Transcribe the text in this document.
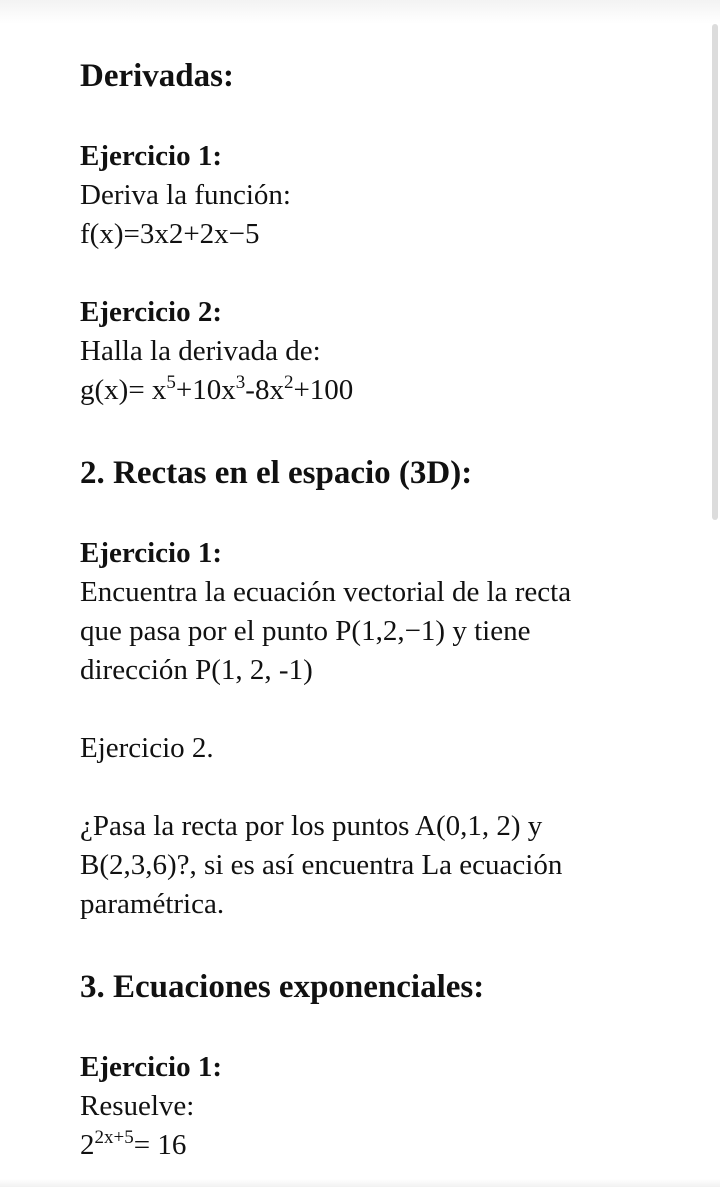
Derivadas:
Ejercicio 1:
Deriva la función:
f(x)=3x2+2x−5
Ejercicio 2:
Halla la derivada de:
$g(x)= x^5+10x^3-8x^2+100$
2. Rectas en el espacio (3D):
Ejercicio 1:
Encuentra la ecuación vectorial de la recta
que pasa por el punto P(1,2,−1) y tiene
dirección P(1, 2, -1)
Ejercicio 2.
¿Pasa la recta por los puntos A(0,1, 2) y
B(2,3,6)?, si es así encuentra La ecuación
paramétrica.
3. Ecuaciones exponenciales:
Ejercicio 1:
Resuelve:
$2^{2x+5}= 16$
